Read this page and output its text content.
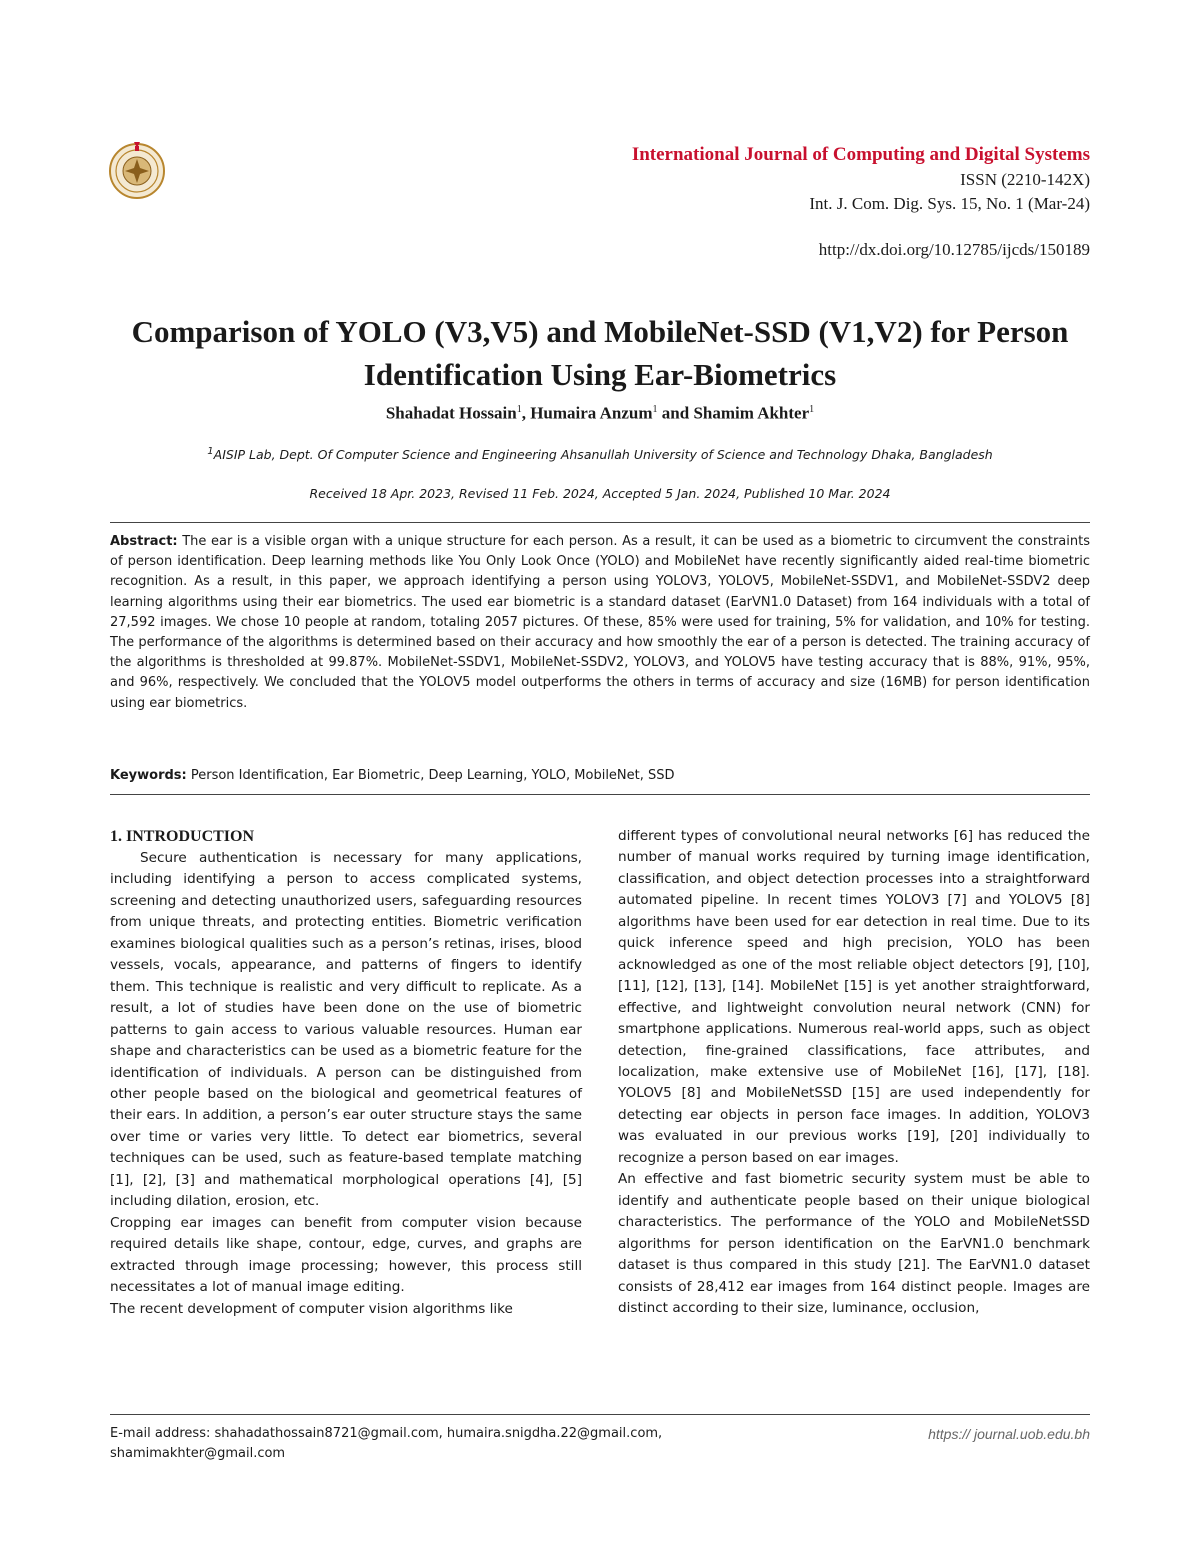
International Journal of Computing and Digital Systems
ISSN (2210-142X)
Int. J. Com. Dig. Sys. 15, No. 1 (Mar-24)
http://dx.doi.org/10.12785/ijcds/150189
Comparison of YOLO (V3,V5) and MobileNet-SSD (V1,V2) for Person Identification Using Ear-Biometrics
Shahadat Hossain$^1$, Humaira Anzum$^1$ and Shamim Akhter$^1$
$^1$AISIP Lab, Dept. Of Computer Science and Engineering Ahsanullah University of Science and Technology Dhaka, Bangladesh
Received 18 Apr. 2023, Revised 11 Feb. 2024, Accepted 5 Jan. 2024, Published 10 Mar. 2024
Abstract: The ear is a visible organ with a unique structure for each person. As a result, it can be used as a biometric to circumvent the constraints of person identification. Deep learning methods like You Only Look Once (YOLO) and MobileNet have recently significantly aided real-time biometric recognition. As a result, in this paper, we approach identifying a person using YOLOV3, YOLOV5, MobileNet-SSDV1, and MobileNet-SSDV2 deep learning algorithms using their ear biometrics. The used ear biometric is a standard dataset (EarVN1.0 Dataset) from 164 individuals with a total of 27,592 images. We chose 10 people at random, totaling 2057 pictures. Of these, 85% were used for training, 5% for validation, and 10% for testing. The performance of the algorithms is determined based on their accuracy and how smoothly the ear of a person is detected. The training accuracy of the algorithms is thresholded at 99.87%. MobileNet-SSDV1, MobileNet-SSDV2, YOLOV3, and YOLOV5 have testing accuracy that is 88%, 91%, 95%, and 96%, respectively. We concluded that the YOLOV5 model outperforms the others in terms of accuracy and size (16MB) for person identification using ear biometrics.
Keywords: Person Identification, Ear Biometric, Deep Learning, YOLO, MobileNet, SSD
1. INTRODUCTION

Secure authentication is necessary for many applications, including identifying a person to access complicated systems, screening and detecting unauthorized users, safeguarding resources from unique threats, and protecting entities. Biometric verification examines biological qualities such as a person’s retinas, irises, blood vessels, vocals, appearance, and patterns of fingers to identify them. This technique is realistic and very difficult to replicate. As a result, a lot of studies have been done on the use of biometric patterns to gain access to various valuable resources. Human ear shape and characteristics can be used as a biometric feature for the identification of individuals. A person can be distinguished from other people based on the biological and geometrical features of their ears. In addition, a person’s ear outer structure stays the same over time or varies very little. To detect ear biometrics, several techniques can be used, such as feature-based template matching [1], [2], [3] and mathematical morphological operations [4], [5] including dilation, erosion, etc.

Cropping ear images can benefit from computer vision because required details like shape, contour, edge, curves, and graphs are extracted through image processing; however, this process still necessitates a lot of manual image editing.

The recent development of computer vision algorithms like

different types of convolutional neural networks [6] has reduced the number of manual works required by turning image identification, classification, and object detection processes into a straightforward automated pipeline. In recent times YOLOV3 [7] and YOLOV5 [8] algorithms have been used for ear detection in real time. Due to its quick inference speed and high precision, YOLO has been acknowledged as one of the most reliable object detectors [9], [10], [11], [12], [13], [14]. MobileNet [15] is yet another straightforward, effective, and lightweight convolution neural network (CNN) for smartphone applications. Numerous real-world apps, such as object detection, fine-grained classifications, face attributes, and localization, make extensive use of MobileNet [16], [17], [18]. YOLOV5 [8] and MobileNetSSD [15] are used independently for detecting ear objects in person face images. In addition, YOLOV3 was evaluated in our previous works [19], [20] individually to recognize a person based on ear images.

An effective and fast biometric security system must be able to identify and authenticate people based on their unique biological characteristics. The performance of the YOLO and MobileNetSSD algorithms for person identification on the EarVN1.0 benchmark dataset is thus compared in this study [21]. The EarVN1.0 dataset consists of 28,412 ear images from 164 distinct people. Images are distinct according to their size, luminance, occlusion,

E-mail address: shahadathossain8721@gmail.com, humaira.snigdha.22@gmail.com,
shamimakhter@gmail.com
https:// journal.uob.edu.bh
